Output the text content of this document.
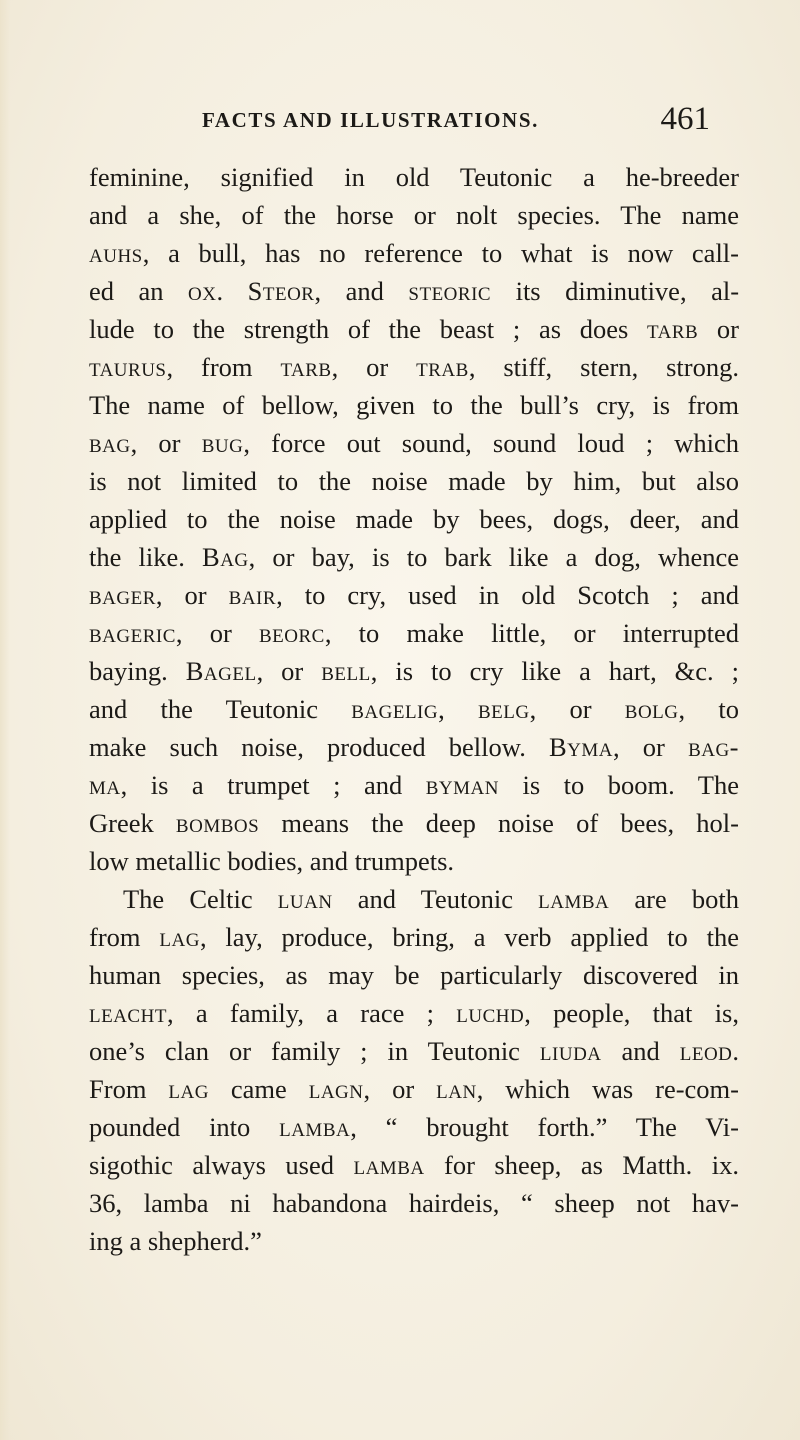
FACTS AND ILLUSTRATIONS.	461
feminine, signified in old Teutonic a he-breeder
and a she, of the horse or nolt species. The name
auhs, a bull, has no reference to what is now call-
ed an ox. Steor, and steoric its diminutive, al-
lude to the strength of the beast ; as does tarb or
taurus, from tarb, or trab, stiff, stern, strong.
The name of bellow, given to the bull’s cry, is from
bag, or bug, force out sound, sound loud ; which
is not limited to the noise made by him, but also
applied to the noise made by bees, dogs, deer, and
the like. Bag, or bay, is to bark like a dog, whence
bager, or bair, to cry, used in old Scotch ; and
bageric, or beorc, to make little, or interrupted
baying. Bagel, or bell, is to cry like a hart, &c. ;
and the Teutonic bagelig, belg, or bolg, to
make such noise, produced bellow. Byma, or bag-
ma, is a trumpet ; and byman is to boom. The
Greek bombos means the deep noise of bees, hol-
low metallic bodies, and trumpets.
The Celtic luan and Teutonic lamba are both
from lag, lay, produce, bring, a verb applied to the
human species, as may be particularly discovered in
leacht, a family, a race ; luchd, people, that is,
one’s clan or family ; in Teutonic liuda and leod.
From lag came lagn, or lan, which was re-com-
pounded into lamba, “ brought forth.” The Vi-
sigothic always used lamba for sheep, as Matth. ix.
36, lamba ni habandona hairdeis, “ sheep not hav-
ing a shepherd.”
